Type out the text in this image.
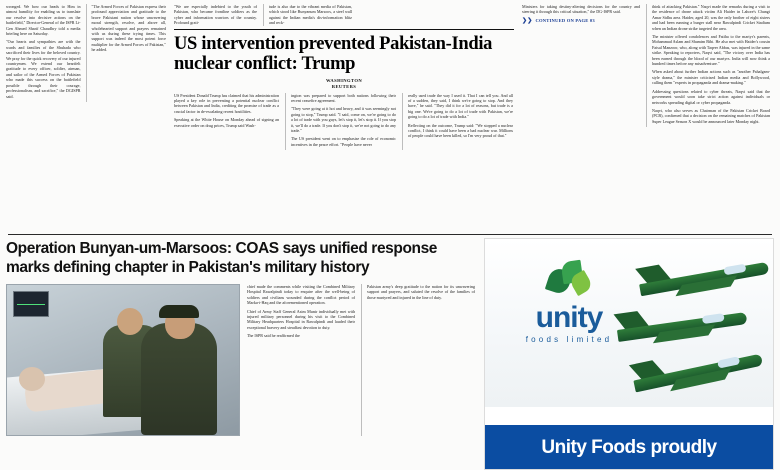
wronged. We bow our heads to Him in utmost humility for enabling us to translate our resolve into decisive actions on the battlefield," Director-General of the ISPR Lt-Gen Ahmed Sharif Chaudhry told a media briefing here on Saturday.

"Our hearts and sympathies are with the wards and families of the Shuhada who sacrificed their lives for the beloved country. We pray for the quick recovery of our injured countrymen. We extend our heartfelt gratitude to every officer, soldier, airman, and sailor of the Armed Forces of Pakistan who made this success on the battlefield possible through their courage, professionalism, and sacrifice," the DGISPR said.

"The Armed Forces of Pakistan express their profound appreciation and gratitude to the brave Pakistani nation whose unwavering moral strength, resolve, and above all, wholehearted support and prayers remained with us during these trying times. This support was indeed the most potent force multiplier for the Armed Forces of Pakistan," he added.
"We are especially indebted to the youth of Pakistan, who became frontline soldiers as the cyber and information warriors of the country. Profound grati-
tude is also due to the vibrant media of Pakistan, which stood like Bunyanum Marsoos, a steel wall against the Indian media's dis-information blitz and reck-
US intervention prevented Pakistan-India nuclear conflict: Trump
WASHINGTON
REUTERS

US President Donald Trump has claimed that his administration played a key role in preventing a potential nuclear conflict between Pakistan and India, crediting the promise of trade as a crucial factor in de-escalating recent hostilities.

Speaking at the White House on Monday ahead of signing an executive order on drug prices, Trump said Wash-

ington was prepared to support both nations following their recent ceasefire agreement.

"They were going at it hot and heavy, and it was seemingly not going to stop," Trump said. "I said, come on, we're going to do a lot of trade with you guys, let's stop it, let's stop it. If you stop it, we'll do a trade. If you don't stop it, we're not going to do any trade."

The US president went on to emphasise the role of economic incentives in the peace effort. "People have never

really used trade the way I used it. That I can tell you. And all of a sudden, they said, I think we're going to stop. And they have," he said. "They did it for a lot of reasons, but trade is a big one. We're going to do a lot of trade with Pakistan, we're going to do a lot of trade with India."

Reflecting on the outcome, Trump said: "We stopped a nuclear conflict, I think it could have been a bad nuclear war. Millions of people could have been killed, so I'm very proud of that."

Ministers for taking destiny-altering decisions for the country and steering it through this critical situation," the DG-ISPR said.
❯❯ CONTINUED ON PAGE 03

think of attacking Pakistan." Naqvi made the remarks during a visit to the residence of drone attack victim Ali Haider in Lahore's Chungi Amar Sidhu area. Haider, aged 20, was the only brother of eight sisters and had been running a burger stall near Rawalpindi Cricket Stadium when an Indian drone strike targeted the area.

The minister offered condolences and Fatiha to the martyr's parents, Mohammad Aslam and Shamim Bibi. He also met with Haider's cousin Faisal Manzoor, who, along with Taqeer Abbas, was injured in the same strike. Speaking to reporters, Naqvi said, "The victory over India has been earned through the blood of our martyrs. India will now think a hundred times before any misadventure."

When asked about further Indian actions such as "another Pahalgam-style drama," the minister criticised Indian media and Bollywood, calling them "experts in propaganda and drama-making."

Addressing questions related to cyber threats, Naqvi said that the government would soon take strict action against individuals or networks spreading digital or cyber propaganda.

Naqvi, who also serves as Chairman of the Pakistan Cricket Board (PCB), confirmed that a decision on the remaining matches of Pakistan Super League Season X would be announced later Monday night.

Operation Bunyan-um-Marsoos: COAS says unified response marks defining chapter in Pakistan's military history

chief made the comments while visiting the Combined Military Hospital Rawalpindi today to enquire after the well-being of soldiers and civilians wounded during the conflict period of Marka-i-Haq and the aforementioned operation.

Chief of Army Staff General Asim Munir individually met with injured military personnel during his visit to the Combined Military Headquarters Hospital in Rawalpindi and lauded their exceptional bravery and steadfast devotion to duty.

The ISPR said he reaffirmed the

Pakistan army's deep gratitude to the nation for its unwavering support and prayers, and saluted the resolve of the families of those martyred and injured in the line of duty.
unity
foods limited
Unity Foods proudly
